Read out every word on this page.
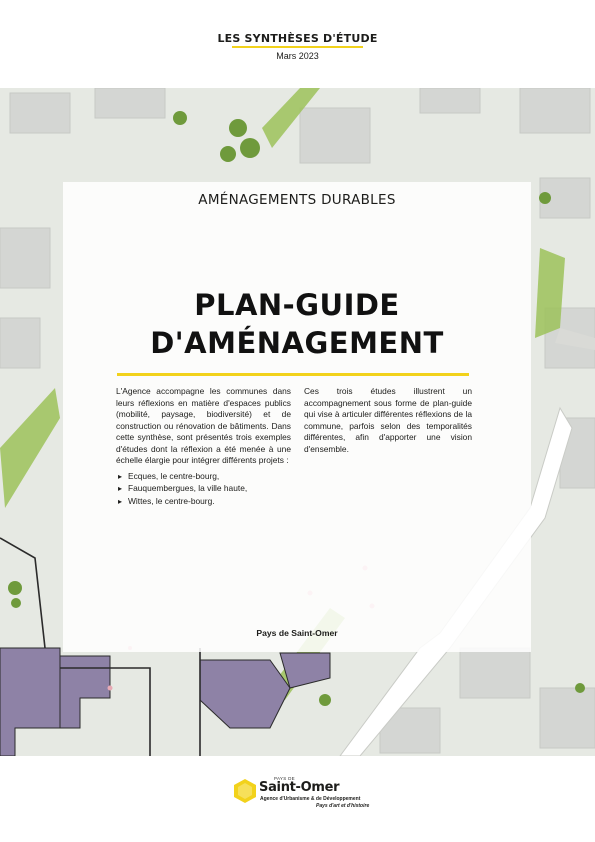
LES SYNTHÈSES D'ÉTUDE
Mars 2023
AMÉNAGEMENTS DURABLES
PLAN-GUIDE
D'AMÉNAGEMENT

L'Agence accompagne les communes dans leurs réflexions en matière d'espaces publics (mobilité, paysage, biodiversité) et de construction ou rénovation de bâtiments. Dans cette synthèse, sont présentés trois exemples d'études dont la réflexion a été menée à une échelle élargie pour intégrer différents projets :

▸ Ecques, le centre-bourg,
▸ Fauquembergues, la ville haute,
▸ Wittes, le centre-bourg.

Ces trois études illustrent un accompagnement sous forme de plan-guide qui vise à articuler différentes réflexions de la commune, parfois selon des temporalités différentes, afin d'apporter une vision d'ensemble.

Pays de Saint-Omer
PAYS DE
Saint-Omer
Agence d'Urbanisme & de Développement
Pays d'art et d'histoire
